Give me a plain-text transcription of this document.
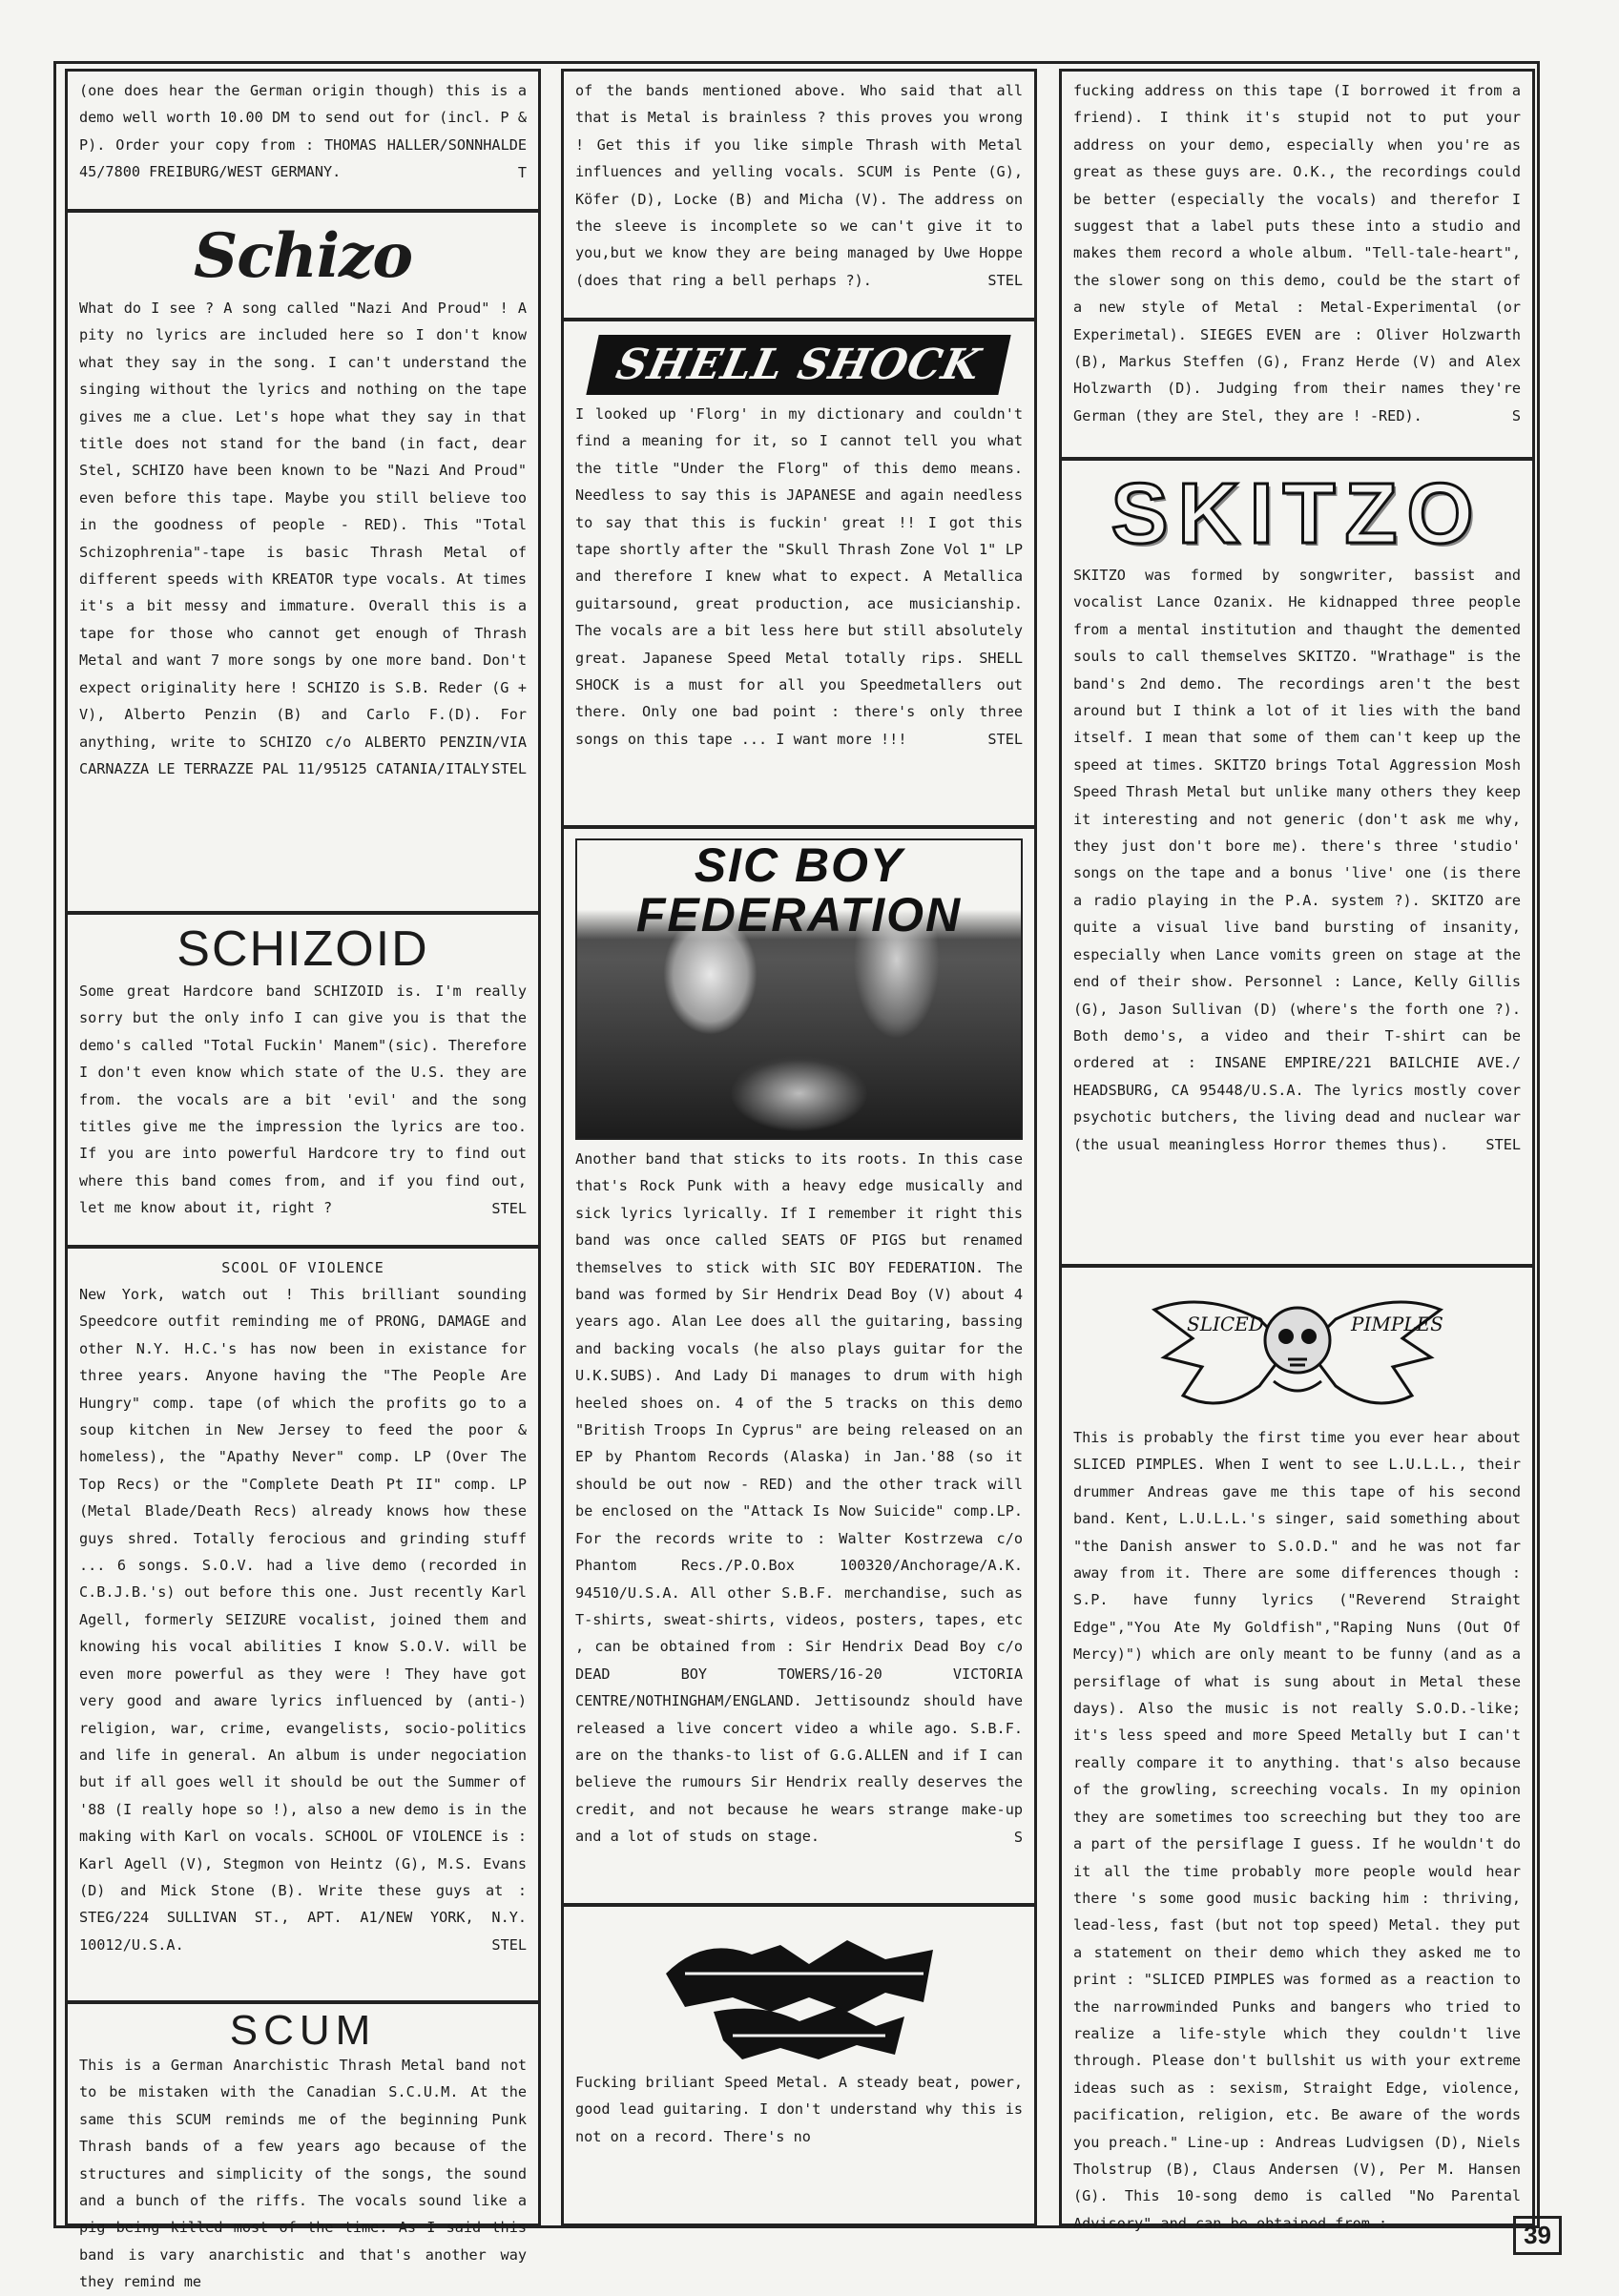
(one does hear the German origin though) this is a demo well worth 10.00 DM to send out for (incl. P & P). Order your copy from : THOMAS HALLER/SONNHALDE 45/7800 FREIBURG/WEST GERMANY.	T

Schizo

What do I see ? A song called "Nazi And Proud" ! A pity no lyrics are included here so I don't know what they say in the song. I can't understand the singing without the lyrics and nothing on the tape gives me a clue. Let's hope what they say in that title does not stand for the band (in fact, dear Stel, SCHIZO have been known to be "Nazi And Proud" even before this tape. Maybe you still believe too in the goodness of people - RED). This "Total Schizophrenia"-tape is basic Thrash Metal of different speeds with KREATOR type vocals. At times it's a bit messy and immature. Overall this is a tape for those who cannot get enough of Thrash Metal and want 7 more songs by one more band. Don't expect originality here ! SCHIZO is S.B. Reder (G + V), Alberto Penzin (B) and Carlo F.(D). For anything, write to SCHIZO c/o ALBERTO PENZIN/VIA CARNAZZA LE TERRAZZE PAL 11/95125 CATANIA/ITALY.

STEL

SCHIZOID

Some great Hardcore band SCHIZOID is. I'm really sorry but the only info I can give you is that the demo's called "Total Fuckin' Manem"(sic). Therefore I don't even know which state of the U.S. they are from. the vocals are a bit 'evil' and the song titles give me the impression the lyrics are too. If you are into powerful Hardcore try to find out where this band comes from, and if you find out, let me know about it, right ?	STEL

SCOOL OF VIOLENCE

New York, watch out ! This brilliant sounding Speedcore outfit reminding me of PRONG, DAMAGE and other N.Y. H.C.'s has now been in existance for three years. Anyone having the "The People Are Hungry" comp. tape (of which the profits go to a soup kitchen in New Jersey to feed the poor & homeless), the "Apathy Never" comp. LP (Over The Top Recs) or the "Complete Death Pt II" comp. LP (Metal Blade/Death Recs) already knows how these guys shred. Totally ferocious and grinding stuff ... 6 songs. S.O.V. had a live demo (recorded in C.B.J.B.'s) out before this one. Just recently Karl Agell, formerly SEIZURE vocalist, joined them and knowing his vocal abilities I know S.O.V. will be even more powerful as they were ! They have got very good and aware lyrics influenced by (anti-) religion, war, crime, evangelists, socio-politics and life in general. An album is under negociation but if all goes well it should be out the Summer of '88 (I really hope so !), also a new demo is in the making with Karl on vocals. SCHOOL OF VIOLENCE is : Karl Agell (V), Stegmon von Heintz (G), M.S. Evans (D) and Mick Stone (B). Write these guys at : STEG/224 SULLIVAN ST., APT. A1/NEW YORK, N.Y. 10012/U.S.A.	STEL

SCUM

This is a German Anarchistic Thrash Metal band not to be mistaken with the Canadian S.C.U.M. At the same this SCUM reminds me of the beginning Punk Thrash bands of a few years ago because of the structures and simplicity of the songs, the sound and a bunch of the riffs. The vocals sound like a pig being killed most of the time. As I said this band is vary anarchistic and that's another way they remind me

of the bands mentioned above. Who said that all that is Metal is brainless ? this proves you wrong ! Get this if you like simple Thrash with Metal influences and yelling vocals. SCUM is Pente (G), Köfer (D), Locke (B) and Micha (V). The address on the sleeve is incomplete so we can't give it to you,but we know they are being managed by Uwe Hoppe (does that ring a bell perhaps ?).	STEL

SHELL SHOCK

I looked up 'Florg' in my dictionary and couldn't find a meaning for it, so I cannot tell you what the title "Under the Florg" of this demo means. Needless to say this is JAPANESE and again needless to say that this is fuckin' great !! I got this tape shortly after the "Skull Thrash Zone Vol 1" LP and therefore I knew what to expect. A Metallica guitarsound, great production, ace musicianship. The vocals are a bit less here but still absolutely great. Japanese Speed Metal totally rips. SHELL SHOCK is a must for all you Speedmetallers out there. Only one bad point : there's only three songs on this tape ... I want more !!!	STEL

SIC BOY FEDERATION

Another band that sticks to its roots. In this case that's Rock Punk with a heavy edge musically and sick lyrics lyrically. If I remember it right this band was once called SEATS OF PIGS but renamed themselves to stick with SIC BOY FEDERATION. The band was formed by Sir Hendrix Dead Boy (V) about 4 years ago. Alan Lee does all the guitaring, bassing and backing vocals (he also plays guitar for the U.K.SUBS). And Lady Di manages to drum with high heeled shoes on. 4 of the 5 tracks on this demo "British Troops In Cyprus" are being released on an EP by Phantom Records (Alaska) in Jan.'88 (so it should be out now - RED) and the other track will be enclosed on the "Attack Is Now Suicide" comp.LP. For the records write to : Walter Kostrzewa c/o Phantom Recs./P.O.Box 100320/Anchorage/A.K. 94510/U.S.A. All other S.B.F. merchandise, such as T-shirts, sweat-shirts, videos, posters, tapes, etc , can be obtained from : Sir Hendrix Dead Boy c/o DEAD BOY TOWERS/16-20 VICTORIA CENTRE/NOTHINGHAM/ENGLAND. Jettisoundz should have released a live concert video a while ago. S.B.F. are on the thanks-to list of G.G.ALLEN and if I can believe the rumours Sir Hendrix really deserves the credit, and not because he wears strange make-up and a lot of studs on stage.	S

Fucking briliant Speed Metal. A steady beat, power, good lead guitaring. I don't understand why this is not on a record. There's no

fucking address on this tape (I borrowed it from a friend). I think it's stupid not to put your address on your demo, especially when you're as great as these guys are. O.K., the recordings could be better (especially the vocals) and therefor I suggest that a label puts these into a studio and makes them record a whole album. "Tell-tale-heart", the slower song on this demo, could be the start of a new style of Metal : Metal-Experimental (or Experimetal). SIEGES EVEN are : Oliver Holzwarth (B), Markus Steffen (G), Franz Herde (V) and Alex Holzwarth (D). Judging from their names they're German (they are Stel, they are ! -RED).	S

SKITZO

SKITZO was formed by songwriter, bassist and vocalist Lance Ozanix. He kidnapped three people from a mental institution and thaught the demented souls to call themselves SKITZO. "Wrathage" is the band's 2nd demo. The recordings aren't the best around but I think a lot of it lies with the band itself. I mean that some of them can't keep up the speed at times. SKITZO brings Total Aggression Mosh Speed Thrash Metal but unlike many others they keep it interesting and not generic (don't ask me why, they just don't bore me). there's three 'studio' songs on the tape and a bonus 'live' one (is there a radio playing in the P.A. system ?). SKITZO are quite a visual live band bursting of insanity, especially when Lance vomits green on stage at the end of their show. Personnel : Lance, Kelly Gillis (G), Jason Sullivan (D) (where's the forth one ?). Both demo's, a video and their T-shirt can be ordered at : INSANE EMPIRE/221 BAILCHIE AVE./ HEADSBURG, CA 95448/U.S.A. The lyrics mostly cover psychotic butchers, the living dead and nuclear war (the usual meaningless Horror themes thus).	STEL

SLICED	PIMPLES

This is probably the first time you ever hear about SLICED PIMPLES. When I went to see L.U.L.L., their drummer Andreas gave me this tape of his second band. Kent, L.U.L.L.'s singer, said something about "the Danish answer to S.O.D." and he was not far away from it. There are some differences though : S.P. have funny lyrics ("Reverend Straight Edge","You Ate My Goldfish","Raping Nuns (Out Of Mercy)") which are only meant to be funny (and as a persiflage of what is sung about in Metal these days). Also the music is not really S.O.D.-like; it's less speed and more Speed Metally but I can't really compare it to anything. that's also because of the growling, screeching vocals. In my opinion they are sometimes too screeching but they too are a part of the persiflage I guess. If he wouldn't do it all the time probably more people would hear there 's some good music backing him : thriving, lead-less, fast (but not top speed) Metal. they put a statement on their demo which they asked me to print : "SLICED PIMPLES was formed as a reaction to the narrowminded Punks and bangers who tried to realize a life-style which they couldn't live through. Please don't bullshit us with your extreme ideas such as : sexism, Straight Edge, violence, pacification, religion, etc. Be aware of the words you preach." Line-up : Andreas Ludvigsen (D), Niels Tholstrup (B), Claus Andersen (V), Per M. Hansen (G). This 10-song demo is called "No Parental Advisory" and can be obtained from :	39
